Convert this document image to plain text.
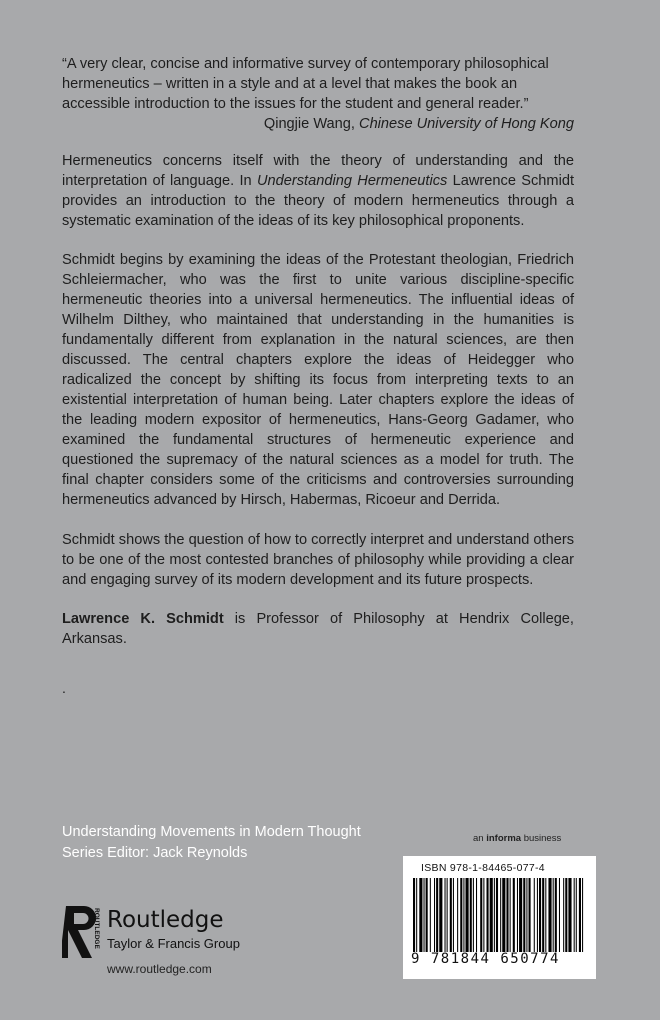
“A very clear, concise and informative survey of contemporary philosophical hermeneutics – written in a style and at a level that makes the book an accessible introduction to the issues for the student and general reader.”

Qingjie Wang, Chinese University of Hong Kong

Hermeneutics concerns itself with the theory of understanding and the interpretation of language. In Understanding Hermeneutics Lawrence Schmidt provides an introduction to the theory of modern hermeneutics through a systematic examination of the ideas of its key philosophical proponents.

Schmidt begins by examining the ideas of the Protestant theologian, Friedrich Schleiermacher, who was the first to unite various discipline-specific hermeneutic theories into a universal hermeneutics. The influential ideas of Wilhelm Dilthey, who maintained that understanding in the humanities is fundamentally different from explanation in the natural sciences, are then discussed. The central chapters explore the ideas of Heidegger who radicalized the concept by shifting its focus from interpreting texts to an existential interpretation of human being. Later chapters explore the ideas of the leading modern expositor of hermeneutics, Hans-Georg Gadamer, who examined the fundamental structures of hermeneutic experience and questioned the supremacy of the natural sciences as a model for truth. The final chapter considers some of the criticisms and controversies surrounding hermeneutics advanced by Hirsch, Habermas, Ricoeur and Derrida.

Schmidt shows the question of how to correctly interpret and understand others to be one of the most contested branches of philosophy while providing a clear and engaging survey of its modern development and its future prospects.

Lawrence K. Schmidt is Professor of Philosophy at Hendrix College, Arkansas.

.
Understanding Movements in Modern Thought
Series Editor: Jack Reynolds
an informa business
ISBN 978-1-84465-077-4
9 781844 650774
ROUTLEDGE Routledge
Taylor & Francis Group
www.routledge.com
